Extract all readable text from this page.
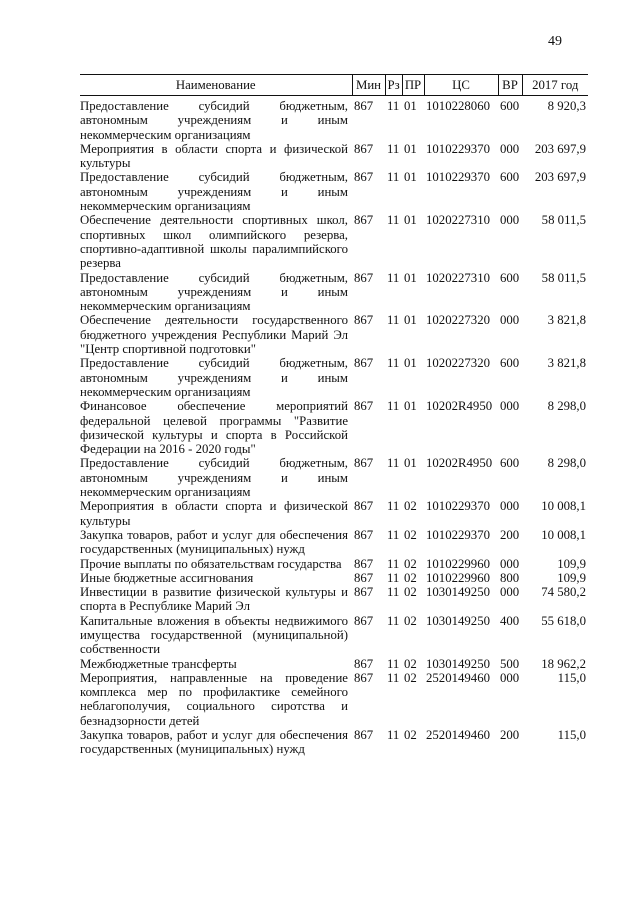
49
Наименование	Мин	Рз	ПР	ЦС	ВР	2017 год
Предоставление субсидий бюджетным, автономным учреждениям и иным некоммерческим организациям	867	11	01	1010228060	600	8 920,3
Мероприятия в области спорта и физической культуры	867	11	01	1010229370	000	203 697,9
Предоставление субсидий бюджетным, автономным учреждениям и иным некоммерческим организациям	867	11	01	1010229370	600	203 697,9
Обеспечение деятельности спортивных школ, спортивных школ олимпийского резерва, спортивно-адаптивной школы паралимпийского резерва	867	11	01	1020227310	000	58 011,5
Предоставление субсидий бюджетным, автономным учреждениям и иным некоммерческим организациям	867	11	01	1020227310	600	58 011,5
Обеспечение деятельности государственного бюджетного учреждения Республики Марий Эл "Центр спортивной подготовки"	867	11	01	1020227320	000	3 821,8
Предоставление субсидий бюджетным, автономным учреждениям и иным некоммерческим организациям	867	11	01	1020227320	600	3 821,8
Финансовое обеспечение мероприятий федеральной целевой программы "Развитие физической культуры и спорта в Российской Федерации на 2016 - 2020 годы"	867	11	01	10202R4950	000	8 298,0
Предоставление субсидий бюджетным, автономным учреждениям и иным некоммерческим организациям	867	11	01	10202R4950	600	8 298,0
Мероприятия в области спорта и физической культуры	867	11	02	1010229370	000	10 008,1
Закупка товаров, работ и услуг для обеспечения государственных (муниципальных) нужд	867	11	02	1010229370	200	10 008,1
Прочие выплаты по обязательствам государства	867	11	02	1010229960	000	109,9
Иные бюджетные ассигнования	867	11	02	1010229960	800	109,9
Инвестиции в развитие физической культуры и спорта в Республике Марий Эл	867	11	02	1030149250	000	74 580,2
Капитальные вложения в объекты недвижимого имущества государственной (муниципальной) собственности	867	11	02	1030149250	400	55 618,0
Межбюджетные трансферты	867	11	02	1030149250	500	18 962,2
Мероприятия, направленные на проведение комплекса мер по профилактике семейного неблагополучия, социального сиротства и безнадзорности детей	867	11	02	2520149460	000	115,0
Закупка товаров, работ и услуг для обеспечения государственных (муниципальных) нужд	867	11	02	2520149460	200	115,0
